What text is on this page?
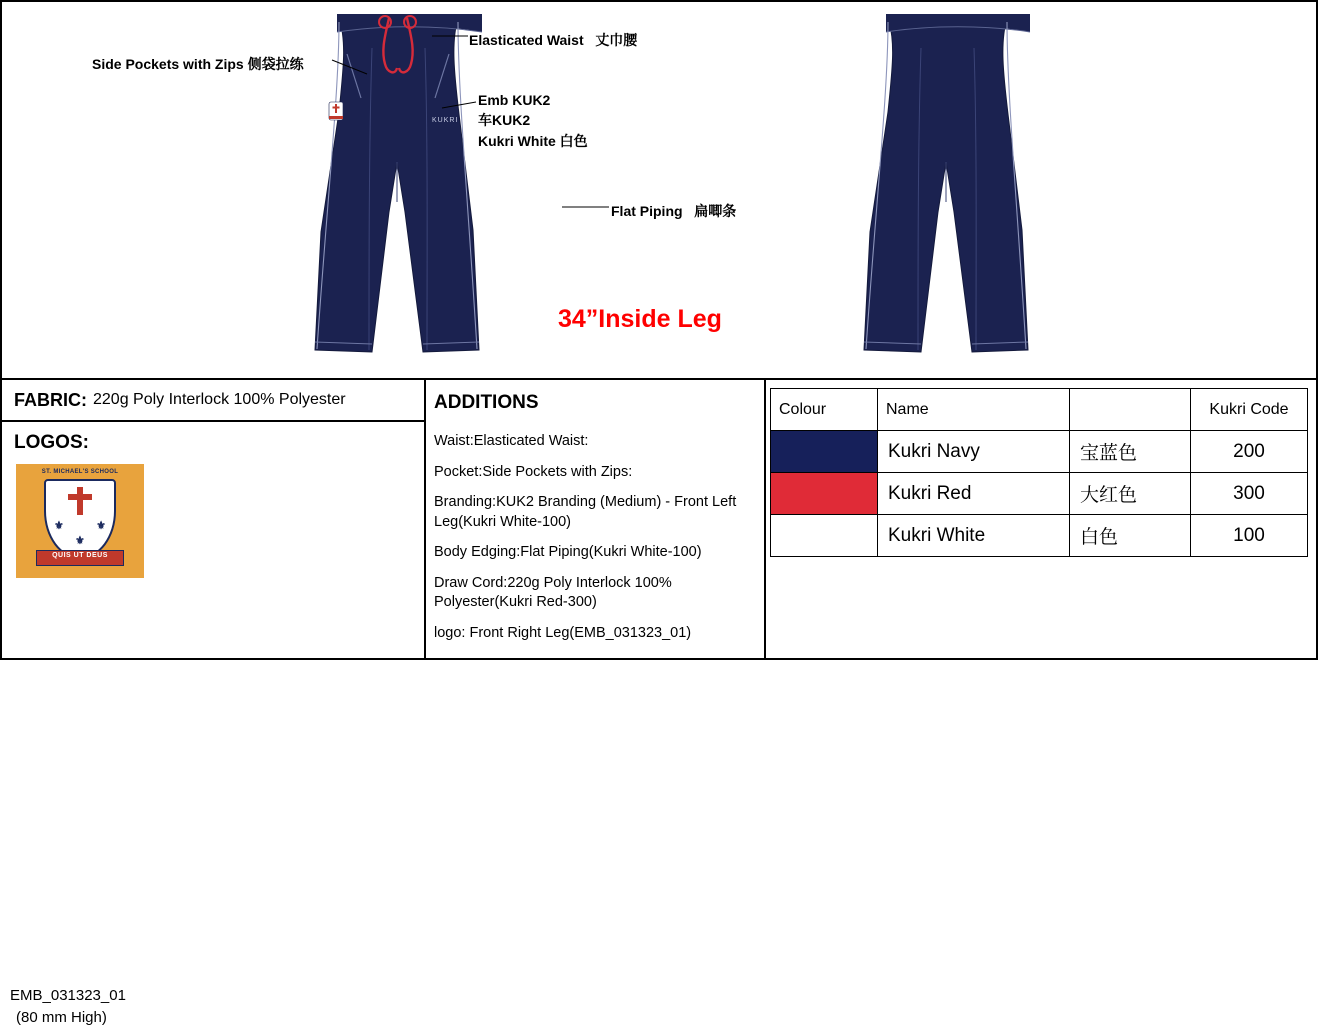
KUKRI
Side Pockets with Zips 侧袋拉练
Elasticated Waist 丈巾腰
Emb KUK2
车KUK2
Kukri White 白色
Flat Piping 扁唧条
34”Inside Leg
FABRIC: 220g Poly Interlock 100% Polyester
LOGOS:
ST. MICHAEL'S SCHOOL
⚜	⚜
⚜
QUIS UT DEUS
EMB_031323_01
(80 mm High)
ADDITIONS
Waist:Elasticated Waist:
Pocket:Side Pockets with Zips:
Branding:KUK2 Branding (Medium) - Front Left Leg(Kukri White-100)
Body Edging:Flat Piping(Kukri White-100)
Draw Cord:220g Poly Interlock 100% Polyester(Kukri Red-300)
logo: Front Right Leg(EMB_031323_01)
Colour	Name		Kukri Code
	Kukri Navy	宝蓝色	200
	Kukri Red	大红色	300
	Kukri White	白色	100
